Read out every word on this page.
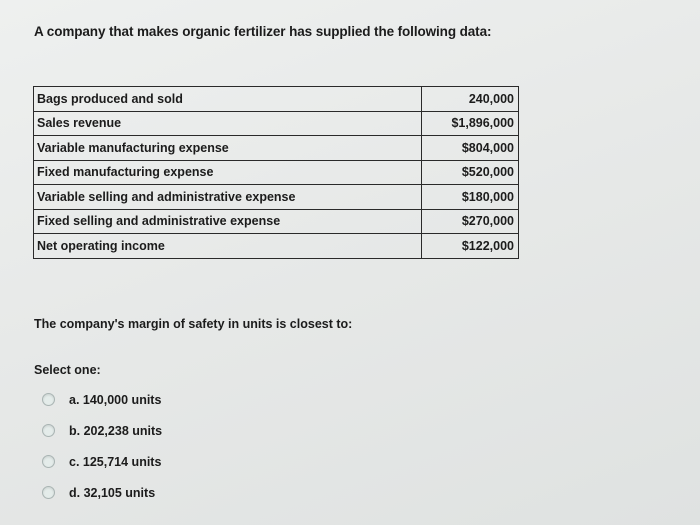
A company that makes organic fertilizer has supplied the following data:
Bags produced and sold	240,000
Sales revenue	$1,896,000
Variable manufacturing expense	$804,000
Fixed manufacturing expense	$520,000
Variable selling and administrative expense	$180,000
Fixed selling and administrative expense	$270,000
Net operating income	$122,000
The company's margin of safety in units is closest to:
Select one:
a. 140,000 units
b. 202,238 units
c. 125,714 units
d. 32,105 units
